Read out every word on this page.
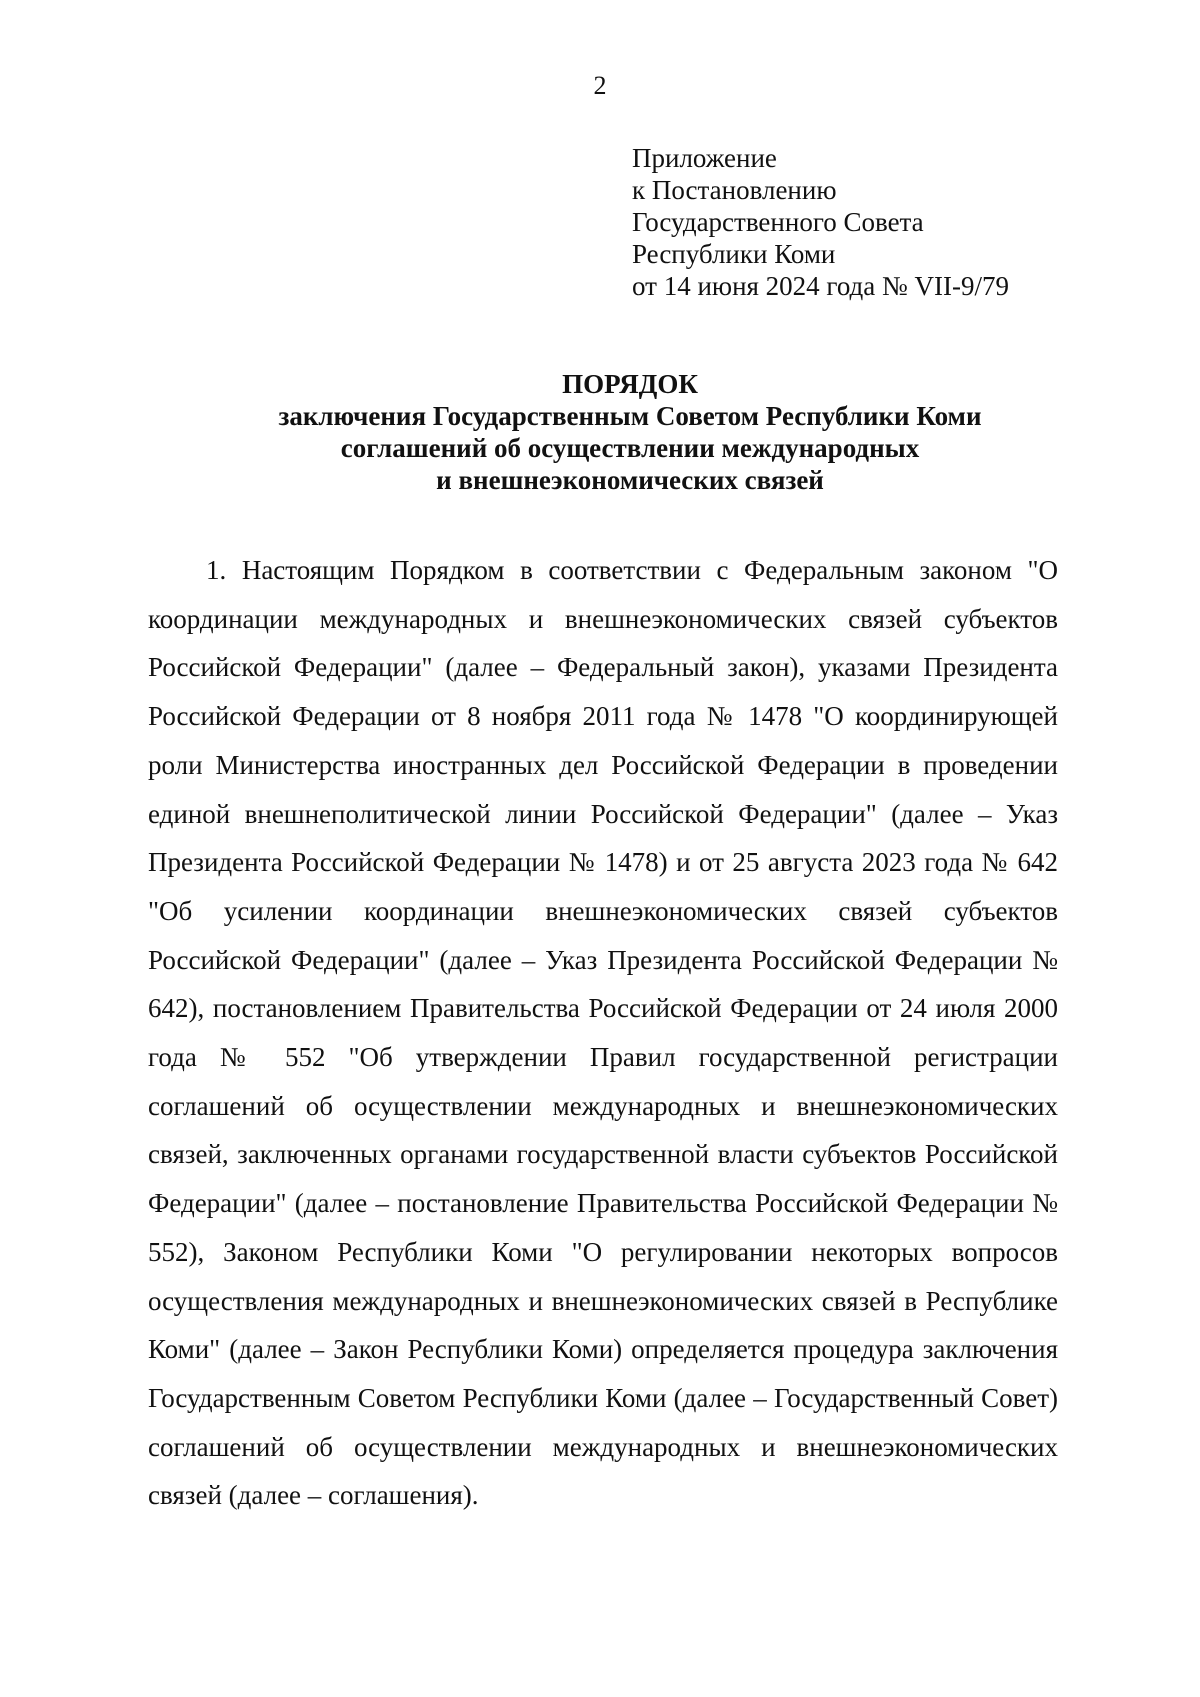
2
Приложение
к Постановлению
Государственного Совета
Республики Коми
от 14 июня 2024 года № VII-9/79
ПОРЯДОК
заключения Государственным Советом Республики Коми
соглашений об осуществлении международных
и внешнеэкономических связей

1. Настоящим Порядком в соответствии с Федеральным законом "О координации международных и внешнеэкономических связей субъектов Российской Федерации" (далее – Федеральный закон), указами Президента Российской Федерации от 8 ноября 2011 года № 1478 "О координирующей роли Министерства иностранных дел Российской Федерации в проведении единой внешнеполитической линии Российской Федерации" (далее – Указ Президента Российской Федерации № 1478) и от 25 августа 2023 года № 642 "Об усилении координации внешнеэкономических связей субъектов Российской Федерации" (далее – Указ Президента Российской Федерации № 642), постановлением Правительства Российской Федерации от 24 июля 2000 года № 552 "Об утверждении Правил государственной регистрации соглашений об осуществлении международных и внешнеэкономических связей, заключенных органами государственной власти субъектов Российской Федерации" (далее – постановление Правительства Российской Федерации № 552), Законом Республики Коми "О регулировании некоторых вопросов осуществления международных и внешнеэкономических связей в Республике Коми" (далее – Закон Республики Коми) определяется процедура заключения Государственным Советом Республики Коми (далее – Государственный Совет) соглашений об осуществлении международных и внешнеэкономических связей (далее – соглашения).
